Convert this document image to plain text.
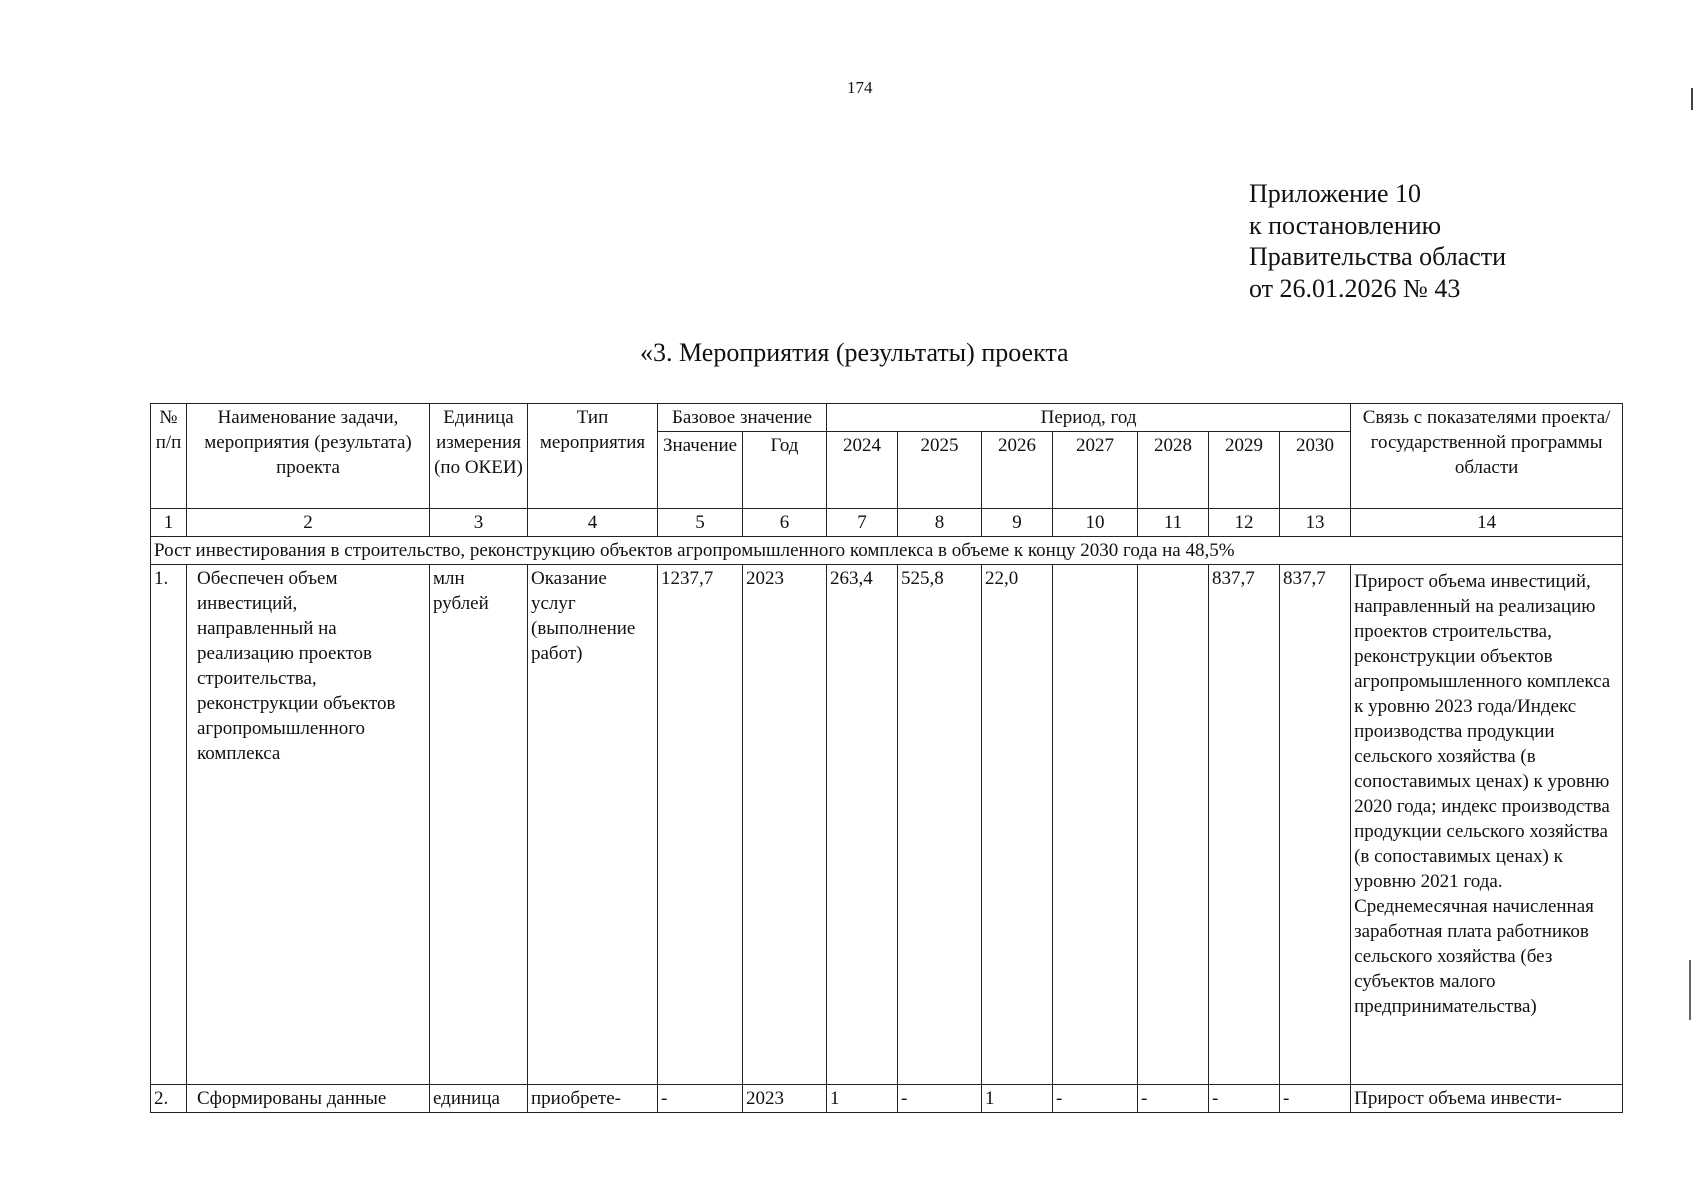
174
Приложение 10
к постановлению
Правительства области
от 26.01.2026 № 43
«3. Мероприятия (результаты) проекта
№ п/п	Наименование задачи, мероприятия (результата) проекта	Единица измерения (по ОКЕИ)	Тип мероприятия	Базовое значение		Период, год							Связь с показателями проекта/государственной программы области
				Значение	Год	2024	2025	2026	2027	2028	2029	2030	
1	2	3	4	5	6	7	8	9	10	11	12	13	14
Рост инвестирования в строительство, реконструкцию объектов агропромышленного комплекса в объеме к концу 2030 года на 48,5%													
1.	Обеспечен объем инвестиций, направленный на реализацию проектов строительства, реконструкции объектов агропромышленного комплекса	млн рублей	Оказание услуг (выполнение работ)	1237,7	2023	263,4	525,8	22,0			837,7	837,7	Прирост объема инвестиций, направленный на реализацию проектов строительства, реконструкции объектов агропромышленного комплекса к уровню 2023 года/Индекс производства продукции сельского хозяйства (в сопоставимых ценах) к уровню 2020 года; индекс производства продукции сельского хозяйства (в сопоставимых ценах) к уровню 2021 года.
Среднемесячная начисленная заработная плата работников сельского хозяйства (без субъектов малого предпринимательства)

2.	Сформированы данные	единица	приобрете-	-	2023	1	-	1	-	-	-	-	Прирост объема инвести-
